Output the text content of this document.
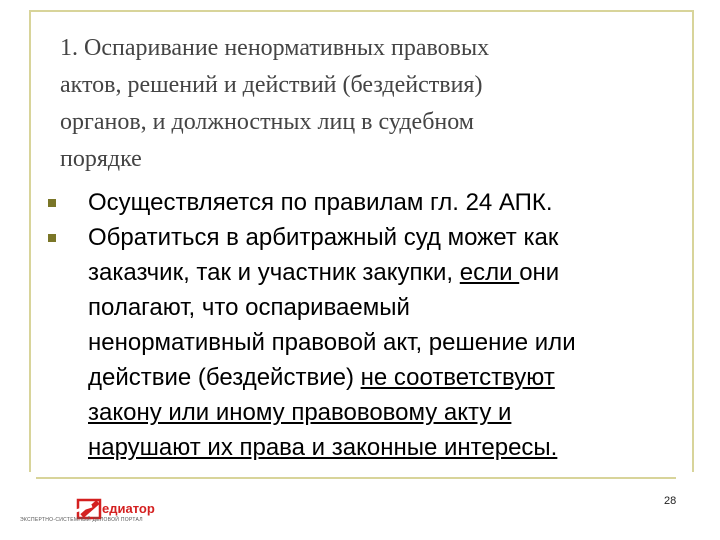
1. Оспаривание ненормативных правовых
актов, решений и действий (бездействия)
органов, и должностных лиц в судебном
порядке
Осуществляется по правилам гл. 24 АПК.
Обратиться в арбитражный суд может как
заказчик, так и участник закупки, если они
полагают, что оспариваемый
ненормативный правовой акт, решение или
действие (бездействие) не соответствуют
закону или иному правововому акту и
нарушают их права и законные интересы.
28
едиатор
ЭКСПЕРТНО-СИСТЕМНЫЙ ДЕЛОВОЙ ПОРТАЛ
